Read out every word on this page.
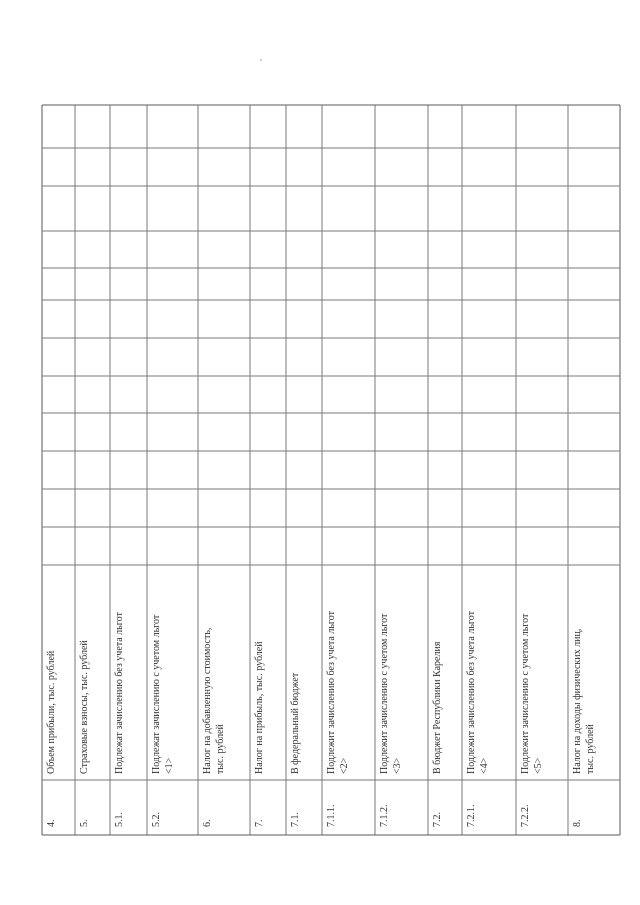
4.
Объем прибыли, тыс. рублей
5.
Страховые взносы, тыс. рублей
5.1.
Подлежат зачислению без учета льгот
5.2.
Подлежат зачислению с учетом льгот <1>
6.
Налог на добавленную стоимость, тыс. рублей
7.
Налог на прибыль, тыс. рублей
7.1.
В федеральный бюджет
7.1.1.
Подлежит зачислению без учета льгот <2>
7.1.2.
Подлежит зачислению с учетом льгот <3>
7.2.
В бюджет Республики Карелия
7.2.1.
Подлежит зачислению без учета льгот <4>
7.2.2.
Подлежит зачислению с учетом льгот <5>
8.
Налог на доходы физических лиц, тыс. рублей
